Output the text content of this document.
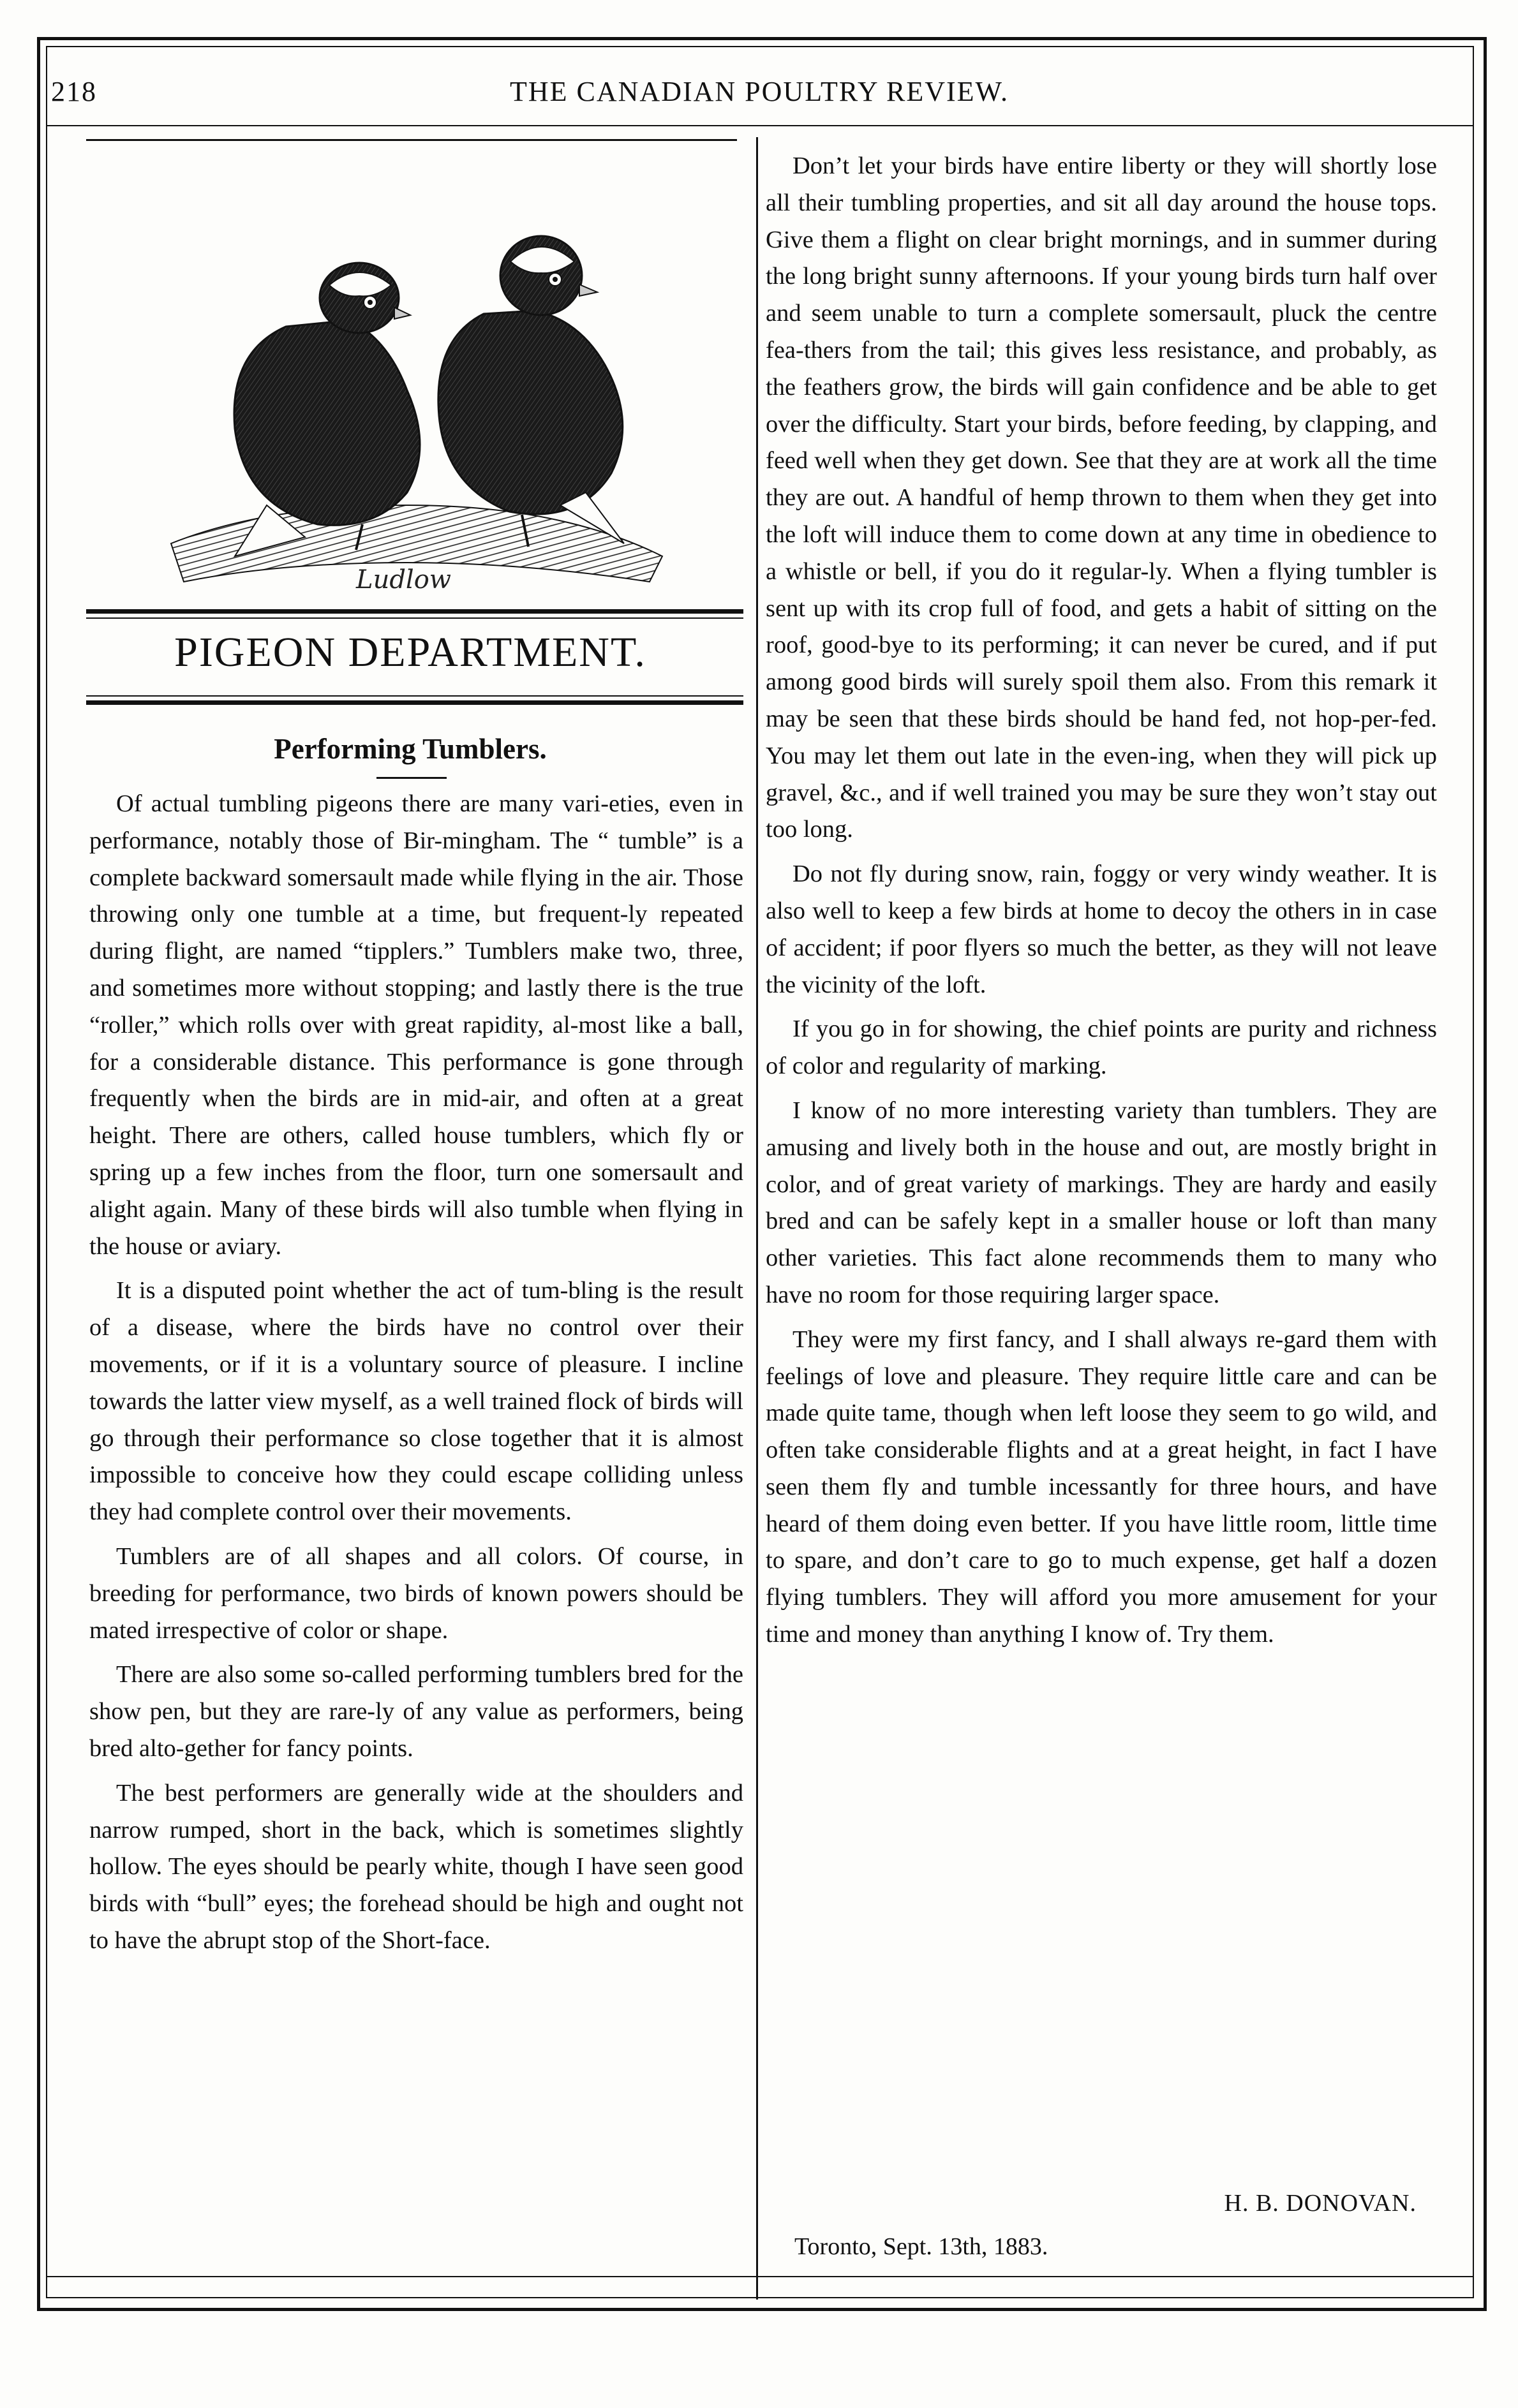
218	THE CANADIAN POULTRY REVIEW.
Ludlow
PIGEON DEPARTMENT.
Performing Tumblers.

Of actual tumbling pigeons there are many vari-eties, even in performance, notably those of Bir-mingham. The “ tumble” is a complete backward somersault made while flying in the air. Those throwing only one tumble at a time, but frequent-ly repeated during flight, are named “tipplers.” Tumblers make two, three, and sometimes more without stopping; and lastly there is the true “roller,” which rolls over with great rapidity, al-most like a ball, for a considerable distance. This performance is gone through frequently when the birds are in mid-air, and often at a great height. There are others, called house tumblers, which fly or spring up a few inches from the floor, turn one somersault and alight again. Many of these birds will also tumble when flying in the house or aviary.

It is a disputed point whether the act of tum-bling is the result of a disease, where the birds have no control over their movements, or if it is a voluntary source of pleasure. I incline towards the latter view myself, as a well trained flock of birds will go through their performance so close together that it is almost impossible to conceive how they could escape colliding unless they had complete control over their movements.

Tumblers are of all shapes and all colors. Of course, in breeding for performance, two birds of known powers should be mated irrespective of color or shape.

There are also some so-called performing tumblers bred for the show pen, but they are rare-ly of any value as performers, being bred alto-gether for fancy points.

The best performers are generally wide at the shoulders and narrow rumped, short in the back, which is sometimes slightly hollow. The eyes should be pearly white, though I have seen good birds with “bull” eyes; the forehead should be high and ought not to have the abrupt stop of the Short-face.

Don’t let your birds have entire liberty or they will shortly lose all their tumbling properties, and sit all day around the house tops. Give them a flight on clear bright mornings, and in summer during the long bright sunny afternoons. If your young birds turn half over and seem unable to turn a complete somersault, pluck the centre fea-thers from the tail; this gives less resistance, and probably, as the feathers grow, the birds will gain confidence and be able to get over the difficulty. Start your birds, before feeding, by clapping, and feed well when they get down. See that they are at work all the time they are out. A handful of hemp thrown to them when they get into the loft will induce them to come down at any time in obedience to a whistle or bell, if you do it regular-ly. When a flying tumbler is sent up with its crop full of food, and gets a habit of sitting on the roof, good-bye to its performing; it can never be cured, and if put among good birds will surely spoil them also. From this remark it may be seen that these birds should be hand fed, not hop-per-fed. You may let them out late in the even-ing, when they will pick up gravel, &c., and if well trained you may be sure they won’t stay out too long.

Do not fly during snow, rain, foggy or very windy weather. It is also well to keep a few birds at home to decoy the others in in case of accident; if poor flyers so much the better, as they will not leave the vicinity of the loft.

If you go in for showing, the chief points are purity and richness of color and regularity of marking.

I know of no more interesting variety than tumblers. They are amusing and lively both in the house and out, are mostly bright in color, and of great variety of markings. They are hardy and easily bred and can be safely kept in a smaller house or loft than many other varieties. This fact alone recommends them to many who have no room for those requiring larger space.

They were my first fancy, and I shall always re-gard them with feelings of love and pleasure. They require little care and can be made quite tame, though when left loose they seem to go wild, and often take considerable flights and at a great height, in fact I have seen them fly and tumble incessantly for three hours, and have heard of them doing even better. If you have little room, little time to spare, and don’t care to go to much expense, get half a dozen flying tumblers. They will afford you more amusement for your time and money than anything I know of. Try them.

H. B. DONOVAN.
Toronto, Sept. 13th, 1883.
